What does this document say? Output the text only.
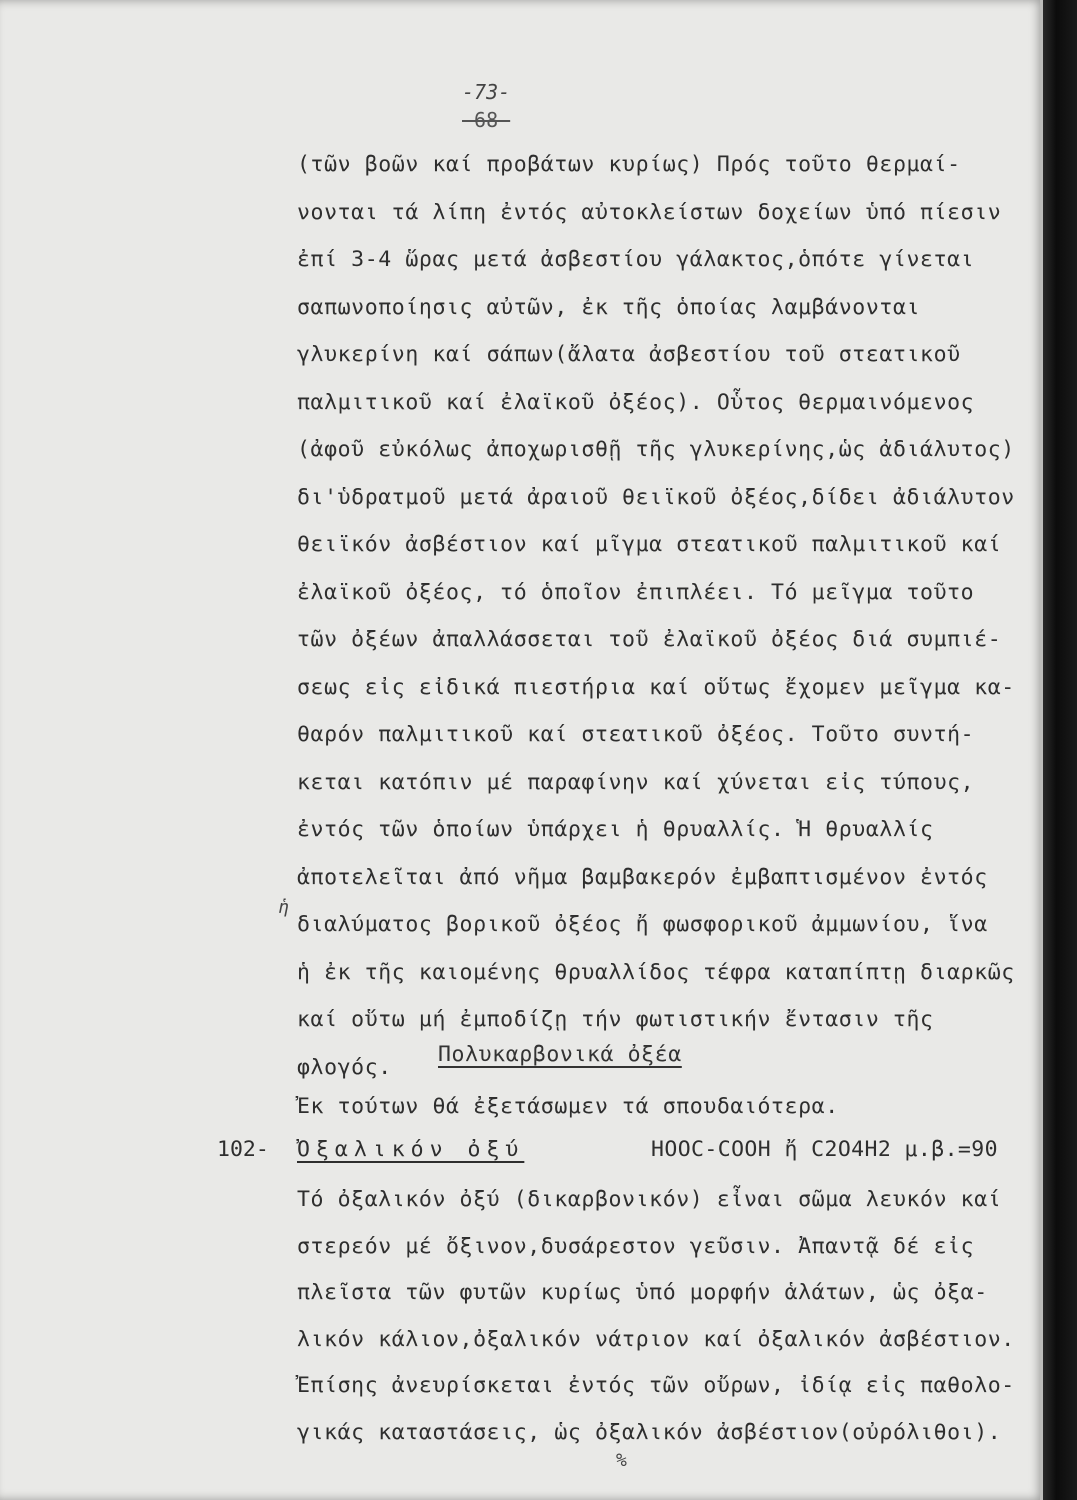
-73-
-68-
(τῶν βοῶν καί προβάτων κυρίως) Πρός τοῦτο θερμαί-
νονται τά λίπη ἐντός αὐτοκλείστων δοχείων ὑπό πίεσιν
ἐπί 3-4 ὥρας μετά ἀσβεστίου γάλακτος,ὁπότε γίνεται
σαπωνοποίησις αὐτῶν, ἐκ τῆς ὁποίας λαμβάνονται
γλυκερίνη καί σάπων(ἄλατα ἀσβεστίου τοῦ στεατικοῦ
παλμιτικοῦ καί ἐλαϊκοῦ ὀξέος). Οὗτος θερμαινόμενος
(ἀφοῦ εὐκόλως ἀποχωρισθῇ τῆς γλυκερίνης,ὡς ἀδιάλυτος)
δι'ὑδρατμοῦ μετά ἀραιοῦ θειϊκοῦ ὀξέος,δίδει ἀδιάλυτον
θειϊκόν ἀσβέστιον καί μῖγμα στεατικοῦ παλμιτικοῦ καί
ἐλαϊκοῦ ὀξέος, τό ὁποῖον ἐπιπλέει. Τό μεῖγμα τοῦτο
τῶν ὀξέων ἀπαλλάσσεται τοῦ ἐλαϊκοῦ ὀξέος διά συμπιέ-
σεως εἰς εἰδικά πιεστήρια καί οὕτως ἔχομεν μεῖγμα κα-
θαρόν παλμιτικοῦ καί στεατικοῦ ὀξέος. Τοῦτο συντή-
κεται κατόπιν μέ παραφίνην καί χύνεται εἰς τύπους,
ἐντός τῶν ὁποίων ὑπάρχει ἡ θρυαλλίς. Ἡ θρυαλλίς
ἀποτελεῖται ἀπό νῆμα βαμβακερόν ἐμβαπτισμένον ἐντός
διαλύματος βορικοῦ ὀξέος ἤ φωσφορικοῦ ἀμμωνίου, ἵνα
ἡ ἐκ τῆς καιομένης θρυαλλίδος τέφρα καταπίπτῃ διαρκῶς
καί οὕτω μή ἐμποδίζῃ τήν φωτιστικήν ἔντασιν τῆς
φλογός. Πολυκαρβονικά ὀξέα
Ἐκ τούτων θά ἐξετάσωμεν τά σπουδαιότερα.
102- Ὀξαλικόν ὀξύ	HOOC-COOH ἤ C2O4H2 μ.β.=90
Τό ὀξαλικόν ὀξύ (δικαρβονικόν) εἶναι σῶμα λευκόν καί
στερεόν μέ ὄξινον,δυσάρεστον γεῦσιν. Ἀπαντᾷ δέ εἰς
πλεῖστα τῶν φυτῶν κυρίως ὑπό μορφήν ἁλάτων, ὡς ὀξα-
λικόν κάλιον,ὀξαλικόν νάτριον καί ὀξαλικόν ἀσβέστιον.
Ἐπίσης ἀνευρίσκεται ἐντός τῶν οὔρων, ἰδίᾳ εἰς παθολο-
γικάς καταστάσεις, ὡς ὀξαλικόν ἀσβέστιον(οὐρόλιθοι).
ἡ
%
